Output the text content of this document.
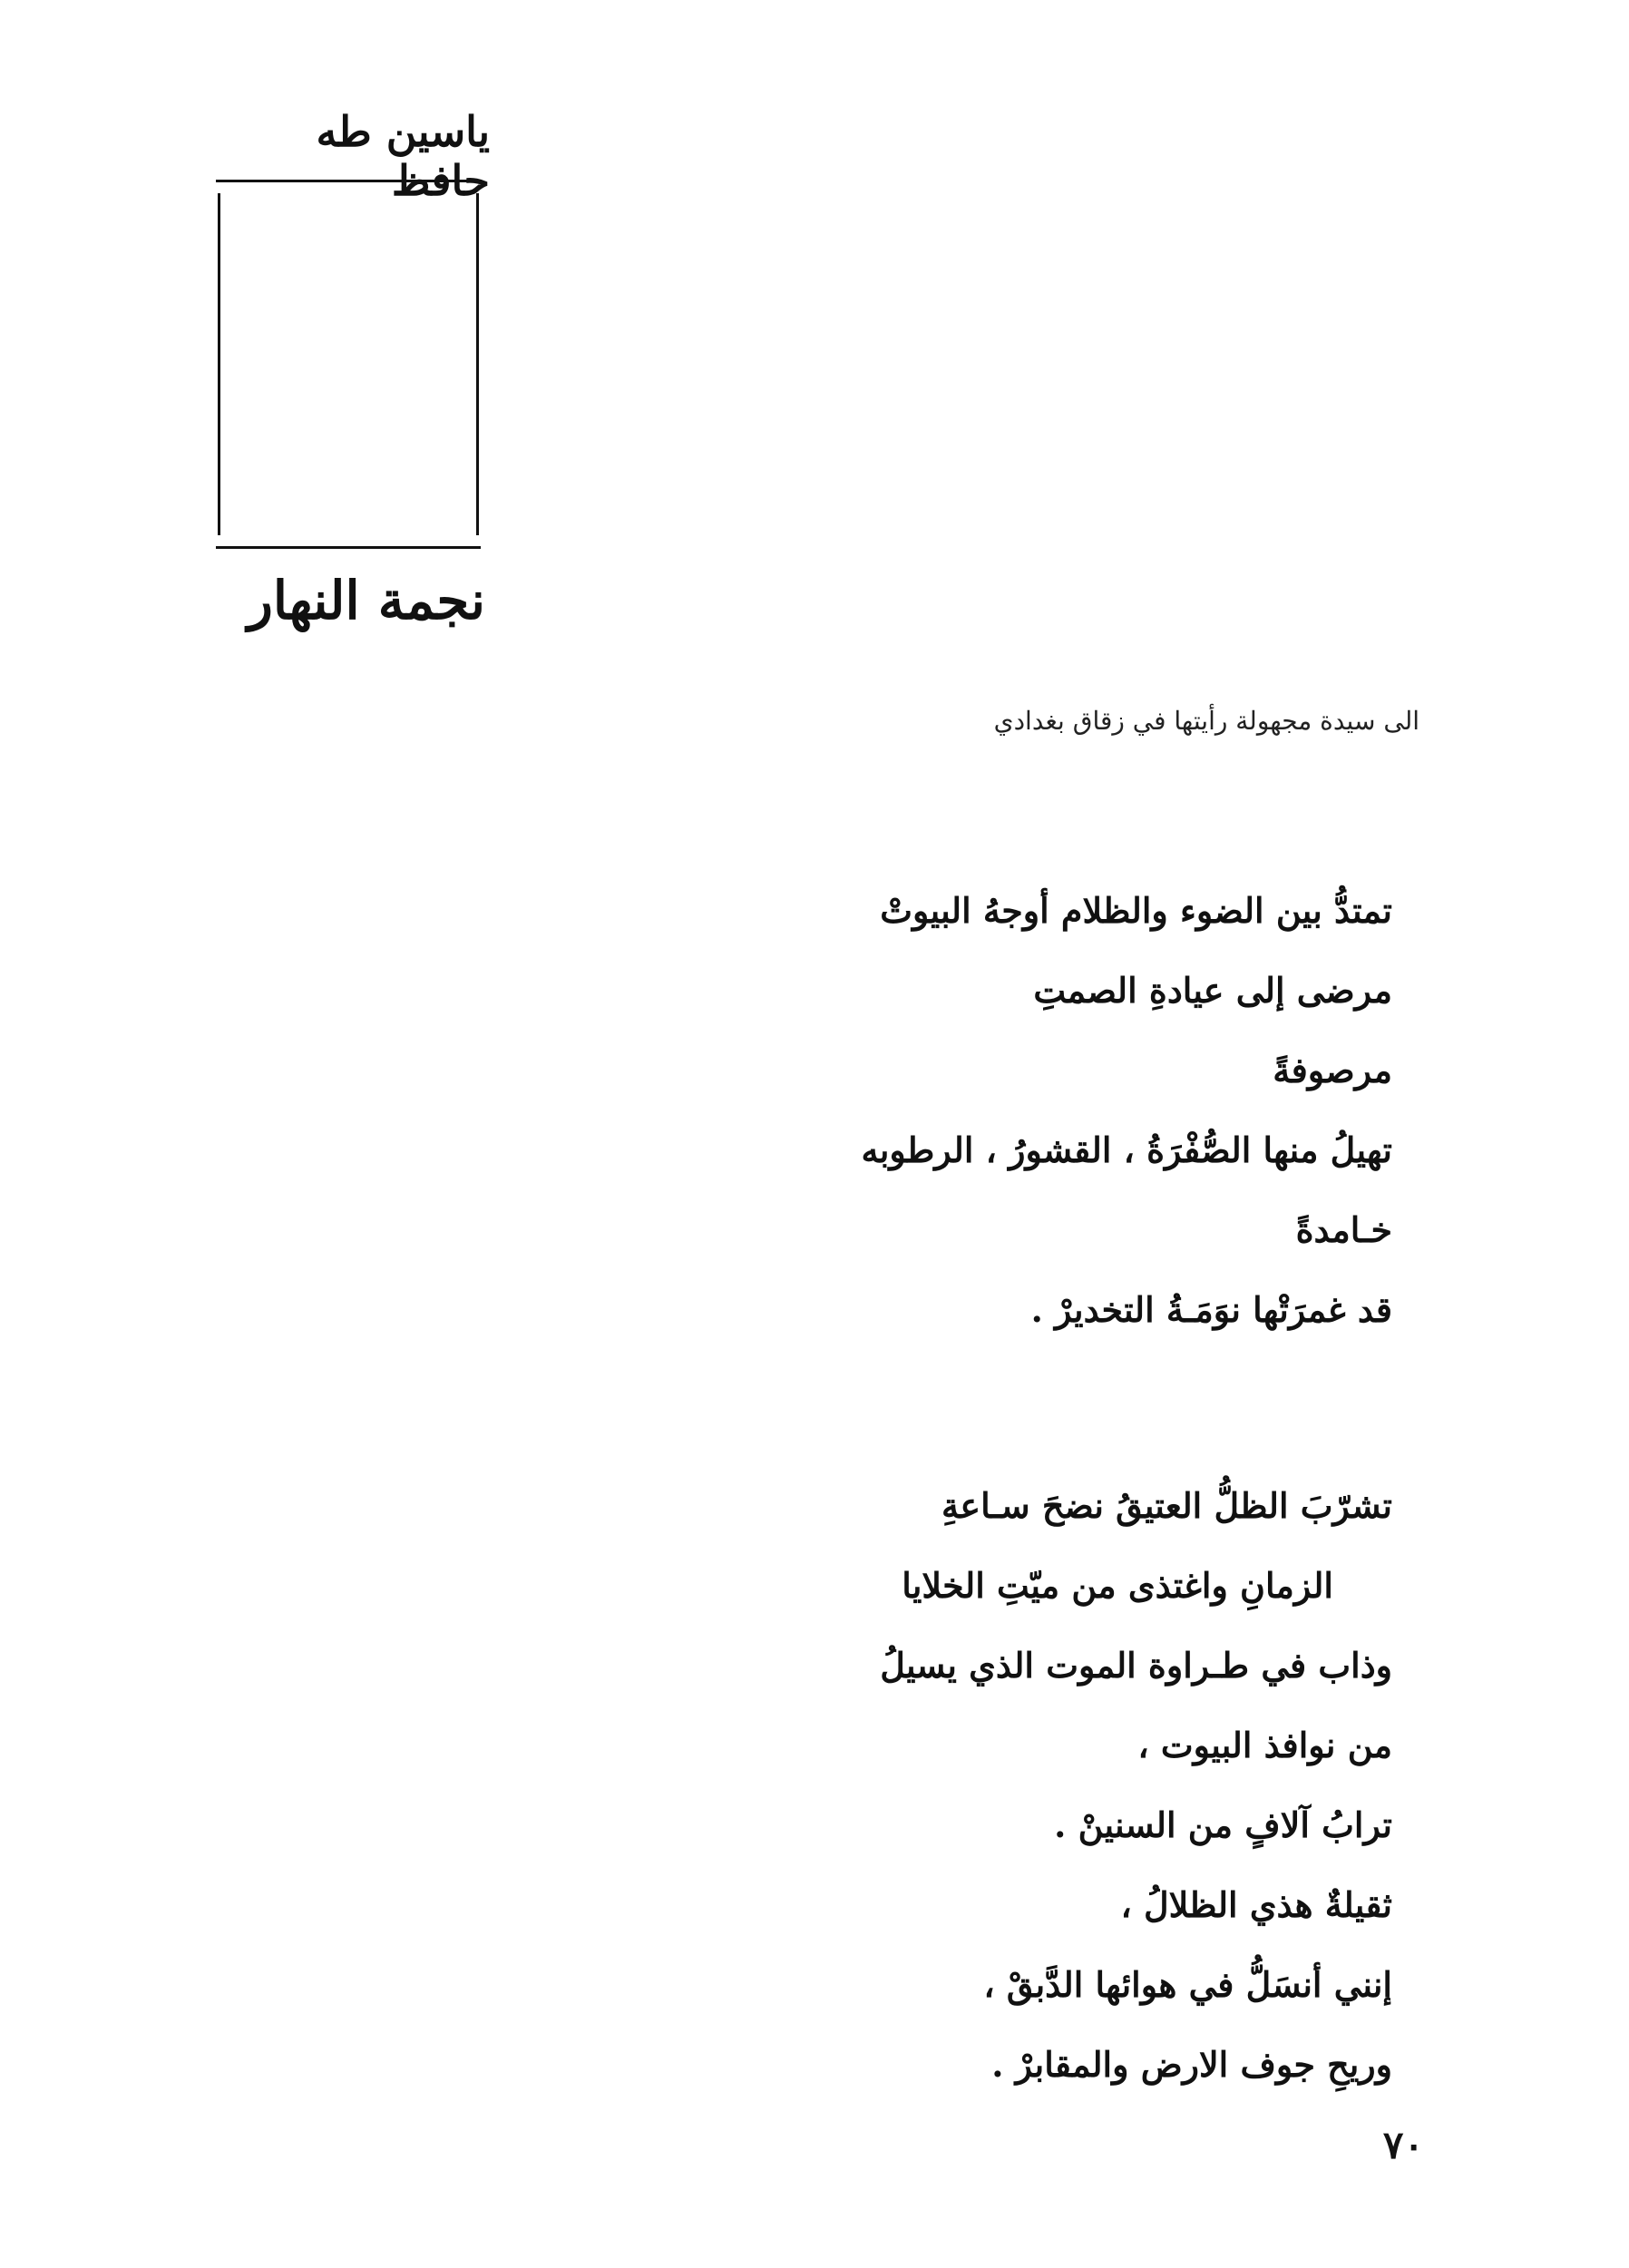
ياسين طه حافظ
نجمة النهار
الى سيدة مجهولة رأيتها في زقاق بغدادي
تمتدُّ بين الضوء والظلام أوجهُ البيوتْ
مرضى إلى عيادةِ الصمتِ
مرصوفةً
تهيلُ منها الصُّفْرَةُ ، القشورُ ، الرطوبه
خـامدةً
قد غمرَتْها نوَمَـةُ التخديرْ .
تشرّبَ الظلُّ العتيقُ نضحَ سـاعةِ
الزمانِ واغتذى من ميّتِ الخلايا
وذاب في طـراوة الموت الذي يسيلُ
من نوافذ البيوت ،
ترابُ آلافٍ من السنينْ .
ثقيلةٌ هذي الظلالُ ،
إنني أنسَلُّ في هوائها الدَّبقْ ،
وريحِ جوف الارض والمقابرْ .
٧٠
